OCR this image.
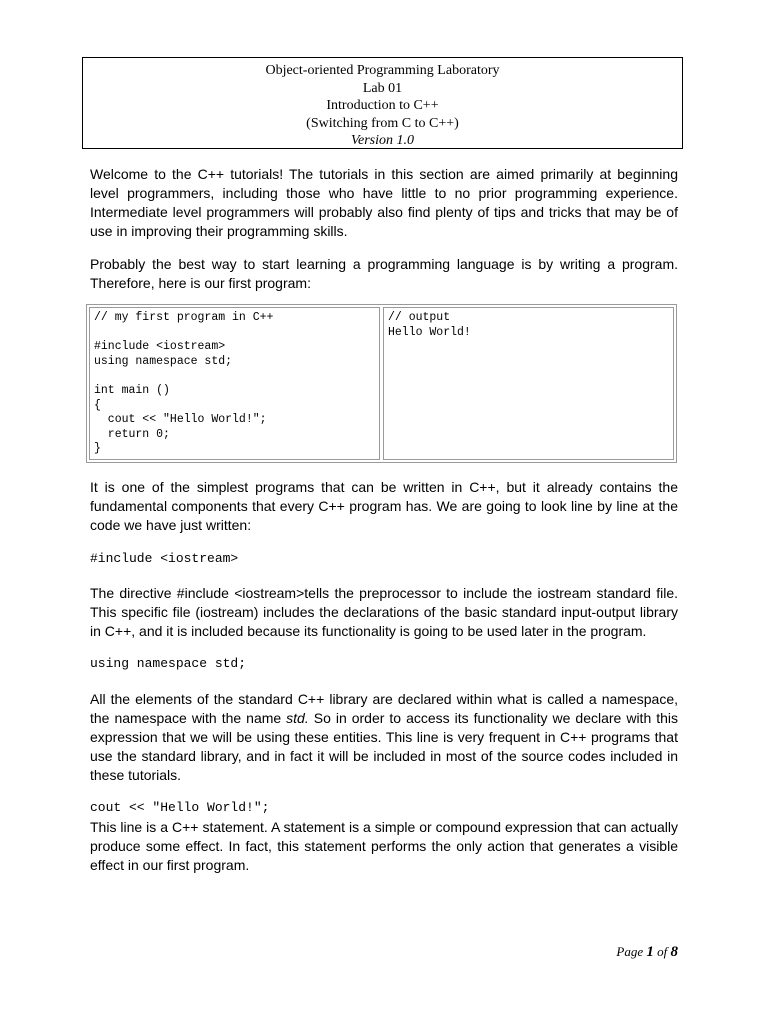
Object-oriented Programming Laboratory
Lab 01
Introduction to C++
(Switching from C to C++)
Version 1.0

Welcome to the C++ tutorials! The tutorials in this section are aimed primarily at beginning level programmers, including those who have little to no prior programming experience. Intermediate level programmers will probably also find plenty of tips and tricks that may be of use in improving their programming skills.

Probably the best way to start learning a programming language is by writing a program. Therefore, here is our first program:

// my first program in C++

#include <iostream>
using namespace std;

int main ()
{
cout << "Hello World!";
return 0;
}
// output
Hello World!

It is one of the simplest programs that can be written in C++, but it already contains the fundamental components that every C++ program has. We are going to look line by line at the code we have just written:

#include <iostream>

The directive #include <iostream>tells the preprocessor to include the iostream standard file. This specific file (iostream) includes the declarations of the basic standard input-output library in C++, and it is included because its functionality is going to be used later in the program.

using namespace std;

All the elements of the standard C++ library are declared within what is called a namespace, the namespace with the name std. So in order to access its functionality we declare with this expression that we will be using these entities. This line is very frequent in C++ programs that use the standard library, and in fact it will be included in most of the source codes included in these tutorials.

cout << "Hello World!";

This line is a C++ statement. A statement is a simple or compound expression that can actually produce some effect. In fact, this statement performs the only action that generates a visible effect in our first program.

Page 1 of 8
